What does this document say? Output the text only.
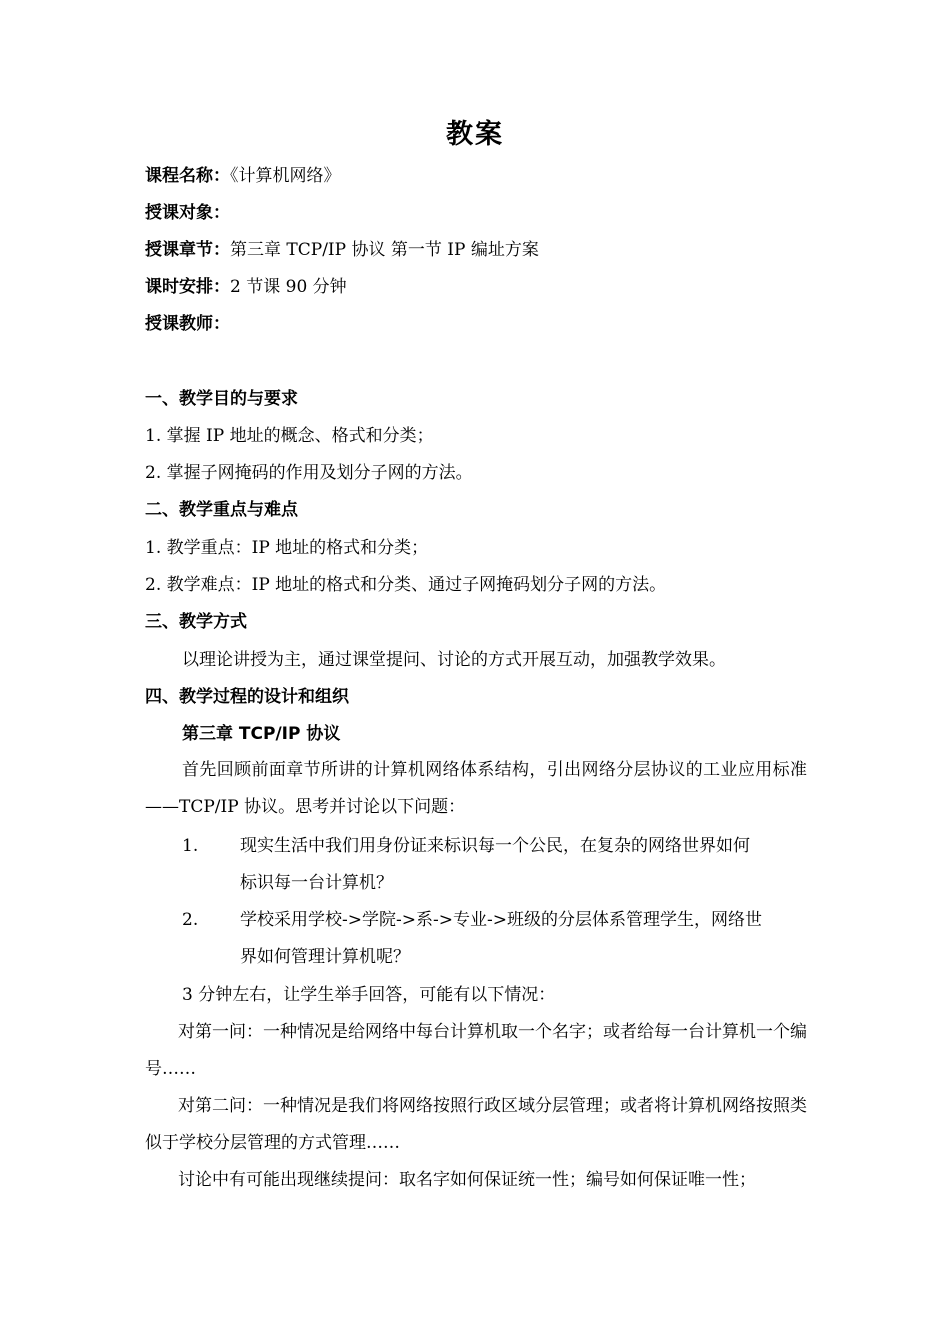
教案
课程名称：《计算机网络》
授课对象：
授课章节：第三章 TCP/IP 协议 第一节 IP 编址方案
课时安排：2 节课 90 分钟
授课教师：
一、教学目的与要求
1. 掌握 IP 地址的概念、格式和分类；
2. 掌握子网掩码的作用及划分子网的方法。
二、教学重点与难点
1. 教学重点：IP 地址的格式和分类；
2. 教学难点：IP 地址的格式和分类、通过子网掩码划分子网的方法。
三、教学方式
以理论讲授为主，通过课堂提问、讨论的方式开展互动，加强教学效果。
四、教学过程的设计和组织
第三章 TCP/IP 协议
首先回顾前面章节所讲的计算机网络体系结构，引出网络分层协议的工业应用标准——TCP/IP 协议。思考并讨论以下问题：
1. 现实生活中我们用身份证来标识每一个公民，在复杂的网络世界如何
标识每一台计算机？
2. 学校采用学校->学院->系->专业->班级的分层体系管理学生，网络世
界如何管理计算机呢？
3 分钟左右，让学生举手回答，可能有以下情况：
对第一问：一种情况是给网络中每台计算机取一个名字；或者给每一台计算机一个编号……
对第二问：一种情况是我们将网络按照行政区域分层管理；或者将计算机网络按照类似于学校分层管理的方式管理……
讨论中有可能出现继续提问：取名字如何保证统一性；编号如何保证唯一性；
